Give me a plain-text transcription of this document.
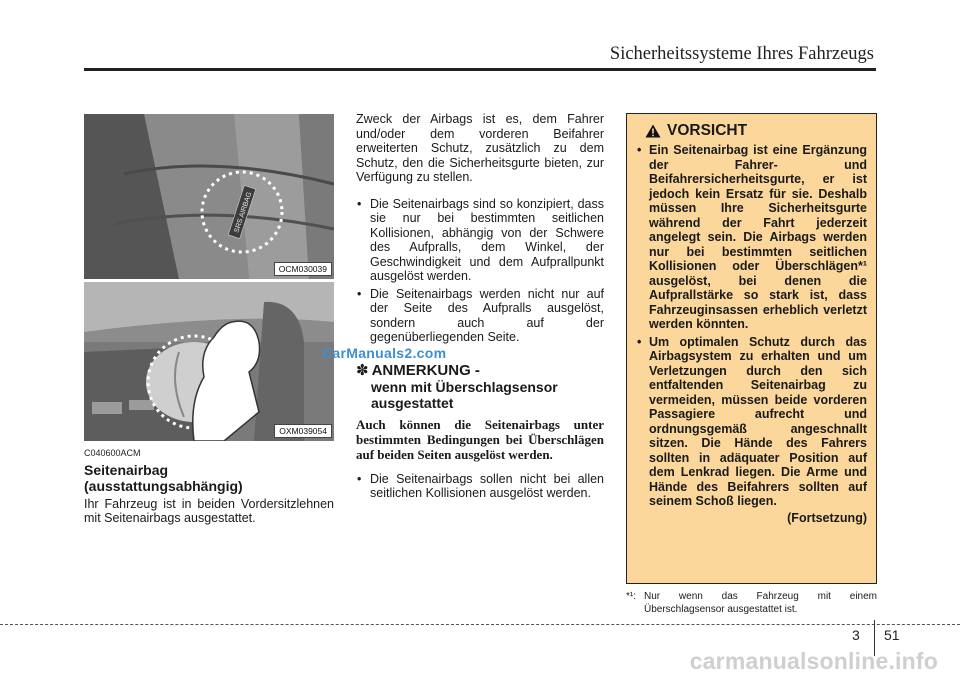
Sicherheitssysteme Ihres Fahrzeugs
SRS AIRBAG
OCM030039
OXM039054
CarManuals2.com
C040600ACM
Seitenairbag
(ausstattungsabhängig)

Ihr Fahrzeug ist in beiden Vordersitzlehnen mit Seitenairbags ausgestattet.

Zweck der Airbags ist es, dem Fahrer und/oder dem vorderen Beifahrer erweiterten Schutz, zusätzlich zu dem Schutz, den die Sicherheitsgurte bieten, zur Verfügung zu stellen.

• Die Seitenairbags sind so konzipiert, dass sie nur bei bestimmten seitlichen Kollisionen, abhängig von der Schwere des Aufpralls, dem Winkel, der Geschwindigkeit und dem Aufprallpunkt ausgelöst werden.
• Die Seitenairbags werden nicht nur auf der Seite des Aufpralls ausgelöst, sondern auch auf der gegenüberliegenden Seite.
✽ ANMERKUNG -
wenn mit Überschlagsensor
ausgestattet

Auch können die Seitenairbags unter bestimmten Bedingungen bei Überschlägen auf beiden Seiten ausgelöst werden.

• Die Seitenairbags sollen nicht bei allen seitlichen Kollisionen ausgelöst werden.
VORSICHT
• Ein Seitenairbag ist eine Ergänzung der Fahrer- und Beifahrersicherheitsgurte, er ist jedoch kein Ersatz für sie. Deshalb müssen Ihre Sicherheitsgurte während der Fahrt jederzeit angelegt sein. Die Airbags werden nur bei bestimmten seitlichen Kollisionen oder Überschlägen*¹ ausgelöst, bei denen die Aufprallstärke so stark ist, dass Fahrzeuginsassen erheblich verletzt werden könnten.
• Um optimalen Schutz durch das Airbagsystem zu erhalten und um Verletzungen durch den sich entfaltenden Seitenairbag zu vermeiden, müssen beide vorderen Passagiere aufrecht und ordnungsgemäß angeschnallt sitzen. Die Hände des Fahrers sollten in adäquater Position auf dem Lenkrad liegen. Die Arme und Hände des Beifahrers sollten auf seinem Schoß liegen.
(Fortsetzung)
*¹: Nur wenn das Fahrzeug mit einem Überschlagsensor ausgestattet ist.
3 51
carmanualsonline.info
